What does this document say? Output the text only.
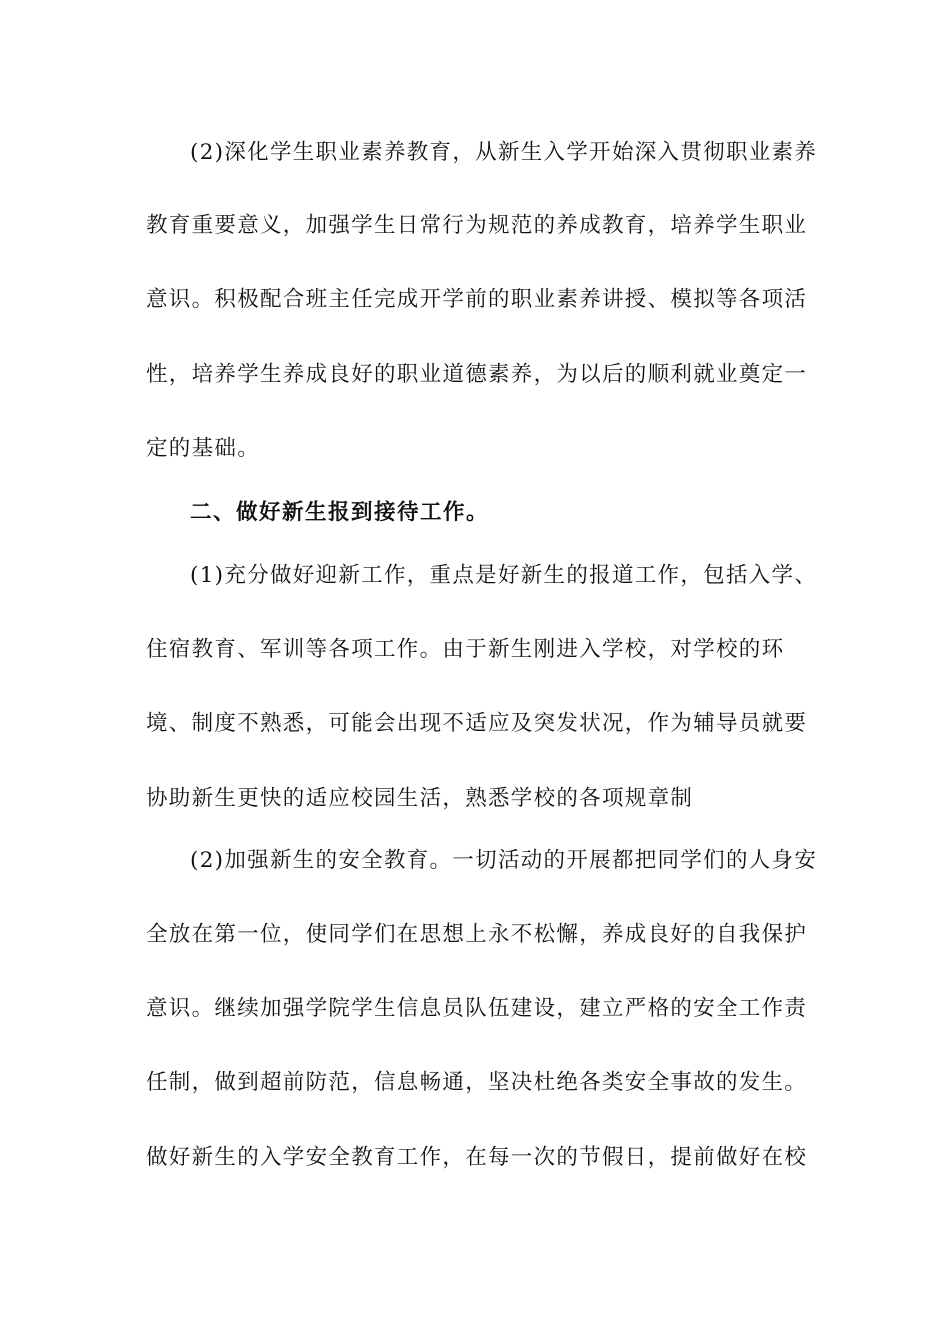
(2)深化学生职业素养教育，从新生入学开始深入贯彻职业素养
教育重要意义，加强学生日常行为规范的养成教育，培养学生职业
意识。积极配合班主任完成开学前的职业素养讲授、模拟等各项活
性，培养学生养成良好的职业道德素养，为以后的顺利就业奠定一
定的基础。
二、做好新生报到接待工作。
(1)充分做好迎新工作，重点是好新生的报道工作，包括入学、
住宿教育、军训等各项工作。由于新生刚进入学校，对学校的环
境、制度不熟悉，可能会出现不适应及突发状况，作为辅导员就要
协助新生更快的适应校园生活，熟悉学校的各项规章制
(2)加强新生的安全教育。一切活动的开展都把同学们的人身安
全放在第一位，使同学们在思想上永不松懈，养成良好的自我保护
意识。继续加强学院学生信息员队伍建设，建立严格的安全工作责
任制，做到超前防范，信息畅通，坚决杜绝各类安全事故的发生。
做好新生的入学安全教育工作，在每一次的节假日，提前做好在校
